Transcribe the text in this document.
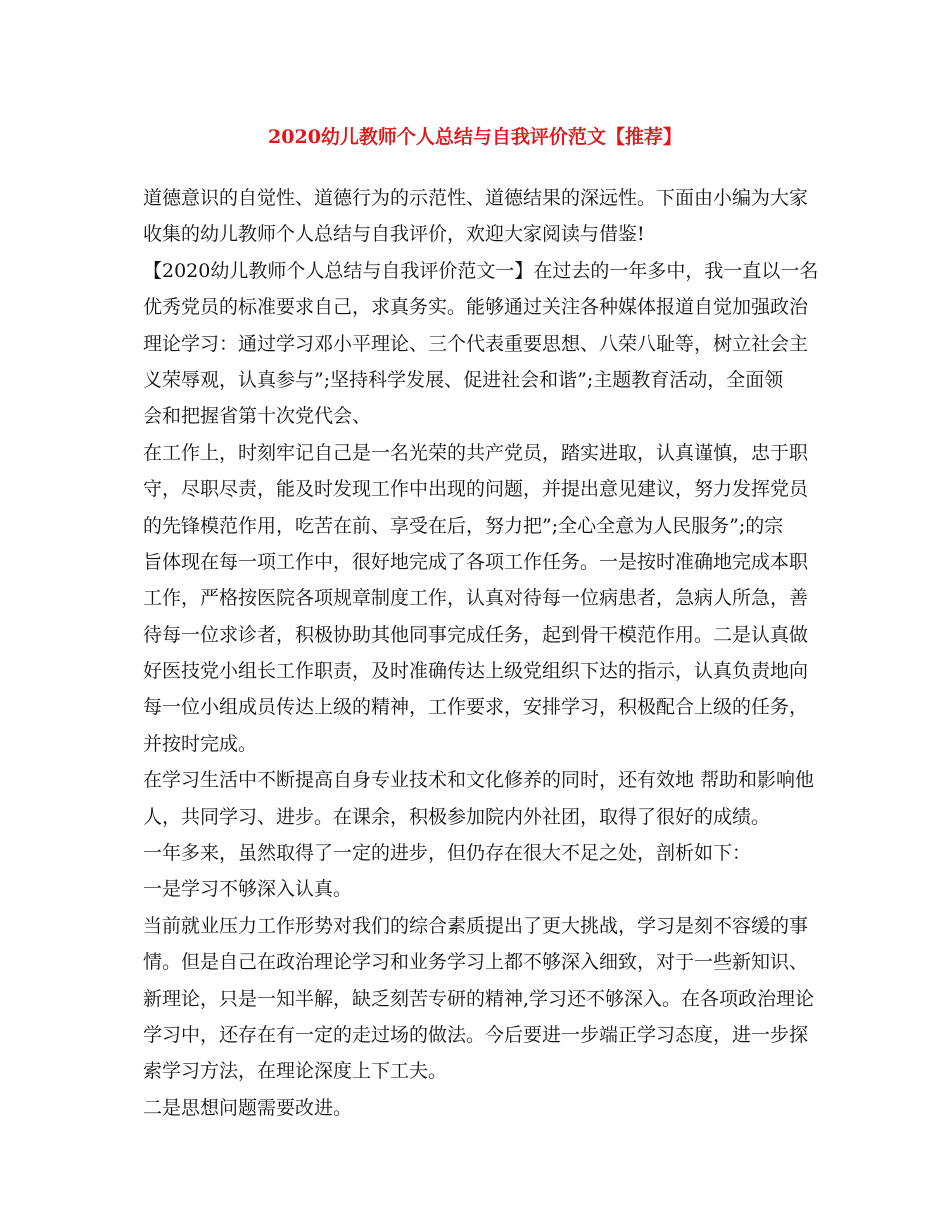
2020幼儿教师个人总结与自我评价范文【推荐】
道德意识的自觉性、道德行为的示范性、道德结果的深远性。下面由小编为大家
收集的幼儿教师个人总结与自我评价，欢迎大家阅读与借鉴!
【2020幼儿教师个人总结与自我评价范文一】在过去的一年多中，我一直以一名
优秀党员的标准要求自己，求真务实。能够通过关注各种媒体报道自觉加强政治
理论学习：通过学习邓小平理论、三个代表重要思想、八荣八耻等，树立社会主
义荣辱观，认真参与”;坚持科学发展、促进社会和谐”;主题教育活动，全面领
会和把握省第十次党代会、
在工作上，时刻牢记自己是一名光荣的共产党员，踏实进取，认真谨慎，忠于职
守，尽职尽责，能及时发现工作中出现的问题，并提出意见建议，努力发挥党员
的先锋模范作用，吃苦在前、享受在后，努力把”;全心全意为人民服务”;的宗
旨体现在每一项工作中，很好地完成了各项工作任务。一是按时准确地完成本职
工作，严格按医院各项规章制度工作，认真对待每一位病患者，急病人所急，善
待每一位求诊者，积极协助其他同事完成任务，起到骨干模范作用。二是认真做
好医技党小组长工作职责，及时准确传达上级党组织下达的指示，认真负责地向
每一位小组成员传达上级的精神，工作要求，安排学习，积极配合上级的任务，
并按时完成。
在学习生活中不断提高自身专业技术和文化修养的同时，还有效地 帮助和影响他
人，共同学习、进步。在课余，积极参加院内外社团，取得了很好的成绩。
一年多来，虽然取得了一定的进步，但仍存在很大不足之处，剖析如下：
一是学习不够深入认真。
当前就业压力工作形势对我们的综合素质提出了更大挑战，学习是刻不容缓的事
情。但是自己在政治理论学习和业务学习上都不够深入细致，对于一些新知识、
新理论，只是一知半解，缺乏刻苦专研的精神,学习还不够深入。在各项政治理论
学习中，还存在有一定的走过场的做法。今后要进一步端正学习态度，进一步探
索学习方法，在理论深度上下工夫。
二是思想问题需要改进。
